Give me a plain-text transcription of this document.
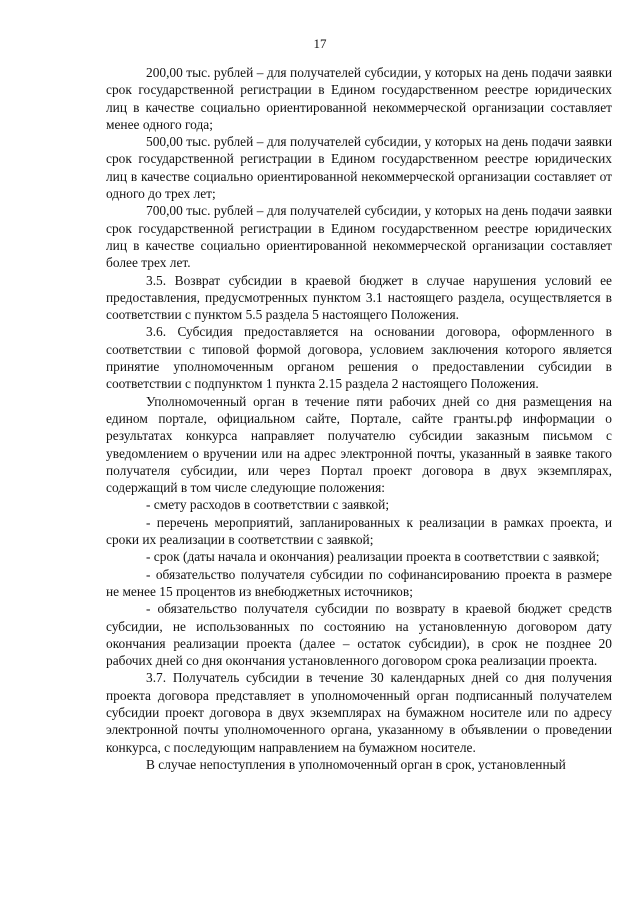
17

200,00 тыс. рублей – для получателей субсидии, у которых на день подачи заявки срок государственной регистрации в Едином государственном реестре юридических лиц в качестве социально ориентированной некоммерческой организации составляет менее одного года;

500,00 тыс. рублей – для получателей субсидии, у которых на день подачи заявки срок государственной регистрации в Едином государственном реестре юридических лиц в качестве социально ориентированной некоммерческой организации составляет от одного до трех лет;

700,00 тыс. рублей – для получателей субсидии, у которых на день подачи заявки срок государственной регистрации в Едином государственном реестре юридических лиц в качестве социально ориентированной некоммерческой организации составляет более трех лет.

3.5. Возврат субсидии в краевой бюджет в случае нарушения условий ее предоставления, предусмотренных пунктом 3.1 настоящего раздела, осуществляется в соответствии с пунктом 5.5 раздела 5 настоящего Положения.

3.6. Субсидия предоставляется на основании договора, оформленного в соответствии с типовой формой договора, условием заключения которого является принятие уполномоченным органом решения о предоставлении субсидии в соответствии с подпунктом 1 пункта 2.15 раздела 2 настоящего Положения.

Уполномоченный орган в течение пяти рабочих дней со дня размещения на едином портале, официальном сайте, Портале, сайте гранты.рф информации о результатах конкурса направляет получателю субсидии заказным письмом с уведомлением о вручении или на адрес электронной почты, указанный в заявке такого получателя субсидии, или через Портал проект договора в двух экземплярах, содержащий в том числе следующие положения:

- смету расходов в соответствии с заявкой;

- перечень мероприятий, запланированных к реализации в рамках проекта, и сроки их реализации в соответствии с заявкой;

- срок (даты начала и окончания) реализации проекта в соответствии с заявкой;

- обязательство получателя субсидии по софинансированию проекта в размере не менее 15 процентов из внебюджетных источников;

- обязательство получателя субсидии по возврату в краевой бюджет средств субсидии, не использованных по состоянию на установленную договором дату окончания реализации проекта (далее – остаток субсидии), в срок не позднее 20 рабочих дней со дня окончания установленного договором срока реализации проекта.

3.7. Получатель субсидии в течение 30 календарных дней со дня получения проекта договора представляет в уполномоченный орган подписанный получателем субсидии проект договора в двух экземплярах на бумажном носителе или по адресу электронной почты уполномоченного органа, указанному в объявлении о проведении конкурса, с последующим направлением на бумажном носителе.

В случае непоступления в уполномоченный орган в срок, установленный
